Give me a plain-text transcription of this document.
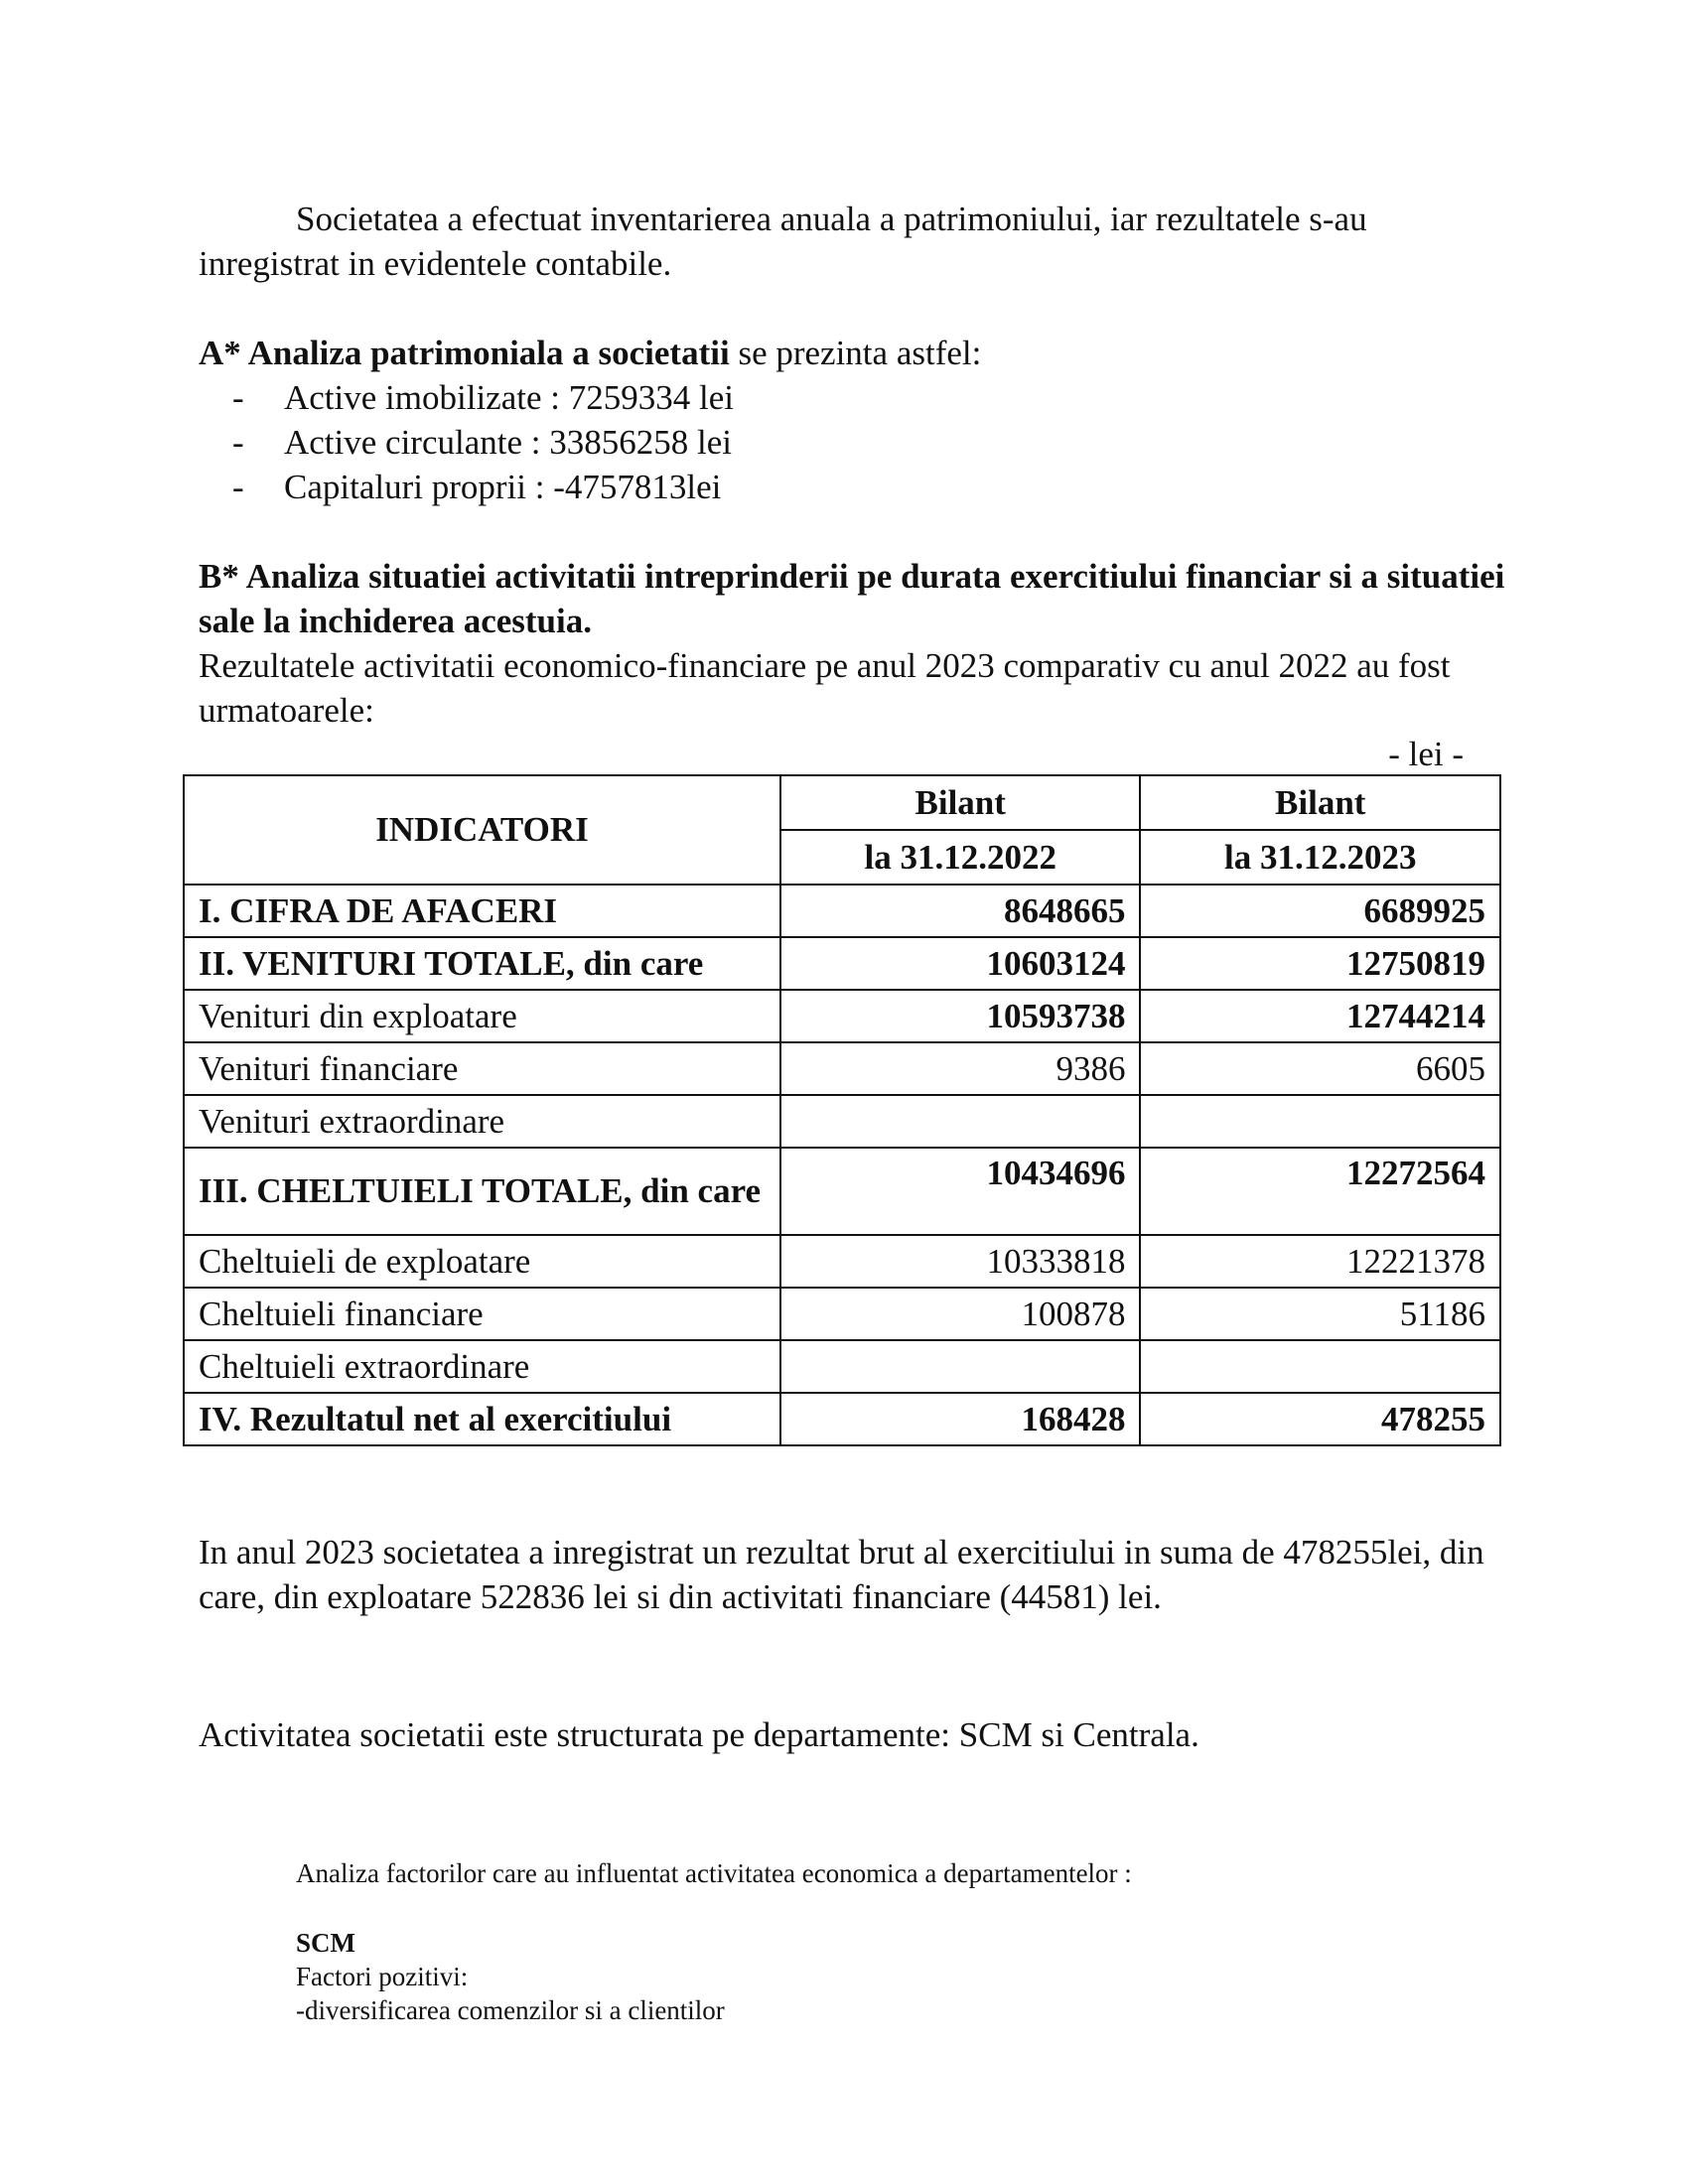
Societatea a efectuat inventarierea anuala a patrimoniului, iar rezultatele s-au inregistrat in evidentele contabile.

A* Analiza patrimoniala a societatii se prezinta astfel:

- Active imobilizate : 7259334 lei
- Active circulante : 33856258 lei
- Capitaluri proprii : -4757813lei

B* Analiza situatiei activitatii intreprinderii pe durata exercitiului financiar si a situatiei sale la inchiderea acestuia.

Rezultatele activitatii economico-financiare pe anul 2023 comparativ cu anul 2022 au fost urmatoarele:

- lei -
INDICATORI	Bilant	Bilant
	la 31.12.2022	la 31.12.2023
I. CIFRA DE AFACERI	8648665	6689925
II. VENITURI TOTALE, din care	10603124	12750819
Venituri din exploatare	10593738	12744214
Venituri financiare	9386	6605
Venituri extraordinare		
III. CHELTUIELI TOTALE, din care	10434696	12272564
Cheltuieli de exploatare	10333818	12221378
Cheltuieli financiare	100878	51186
Cheltuieli extraordinare		
IV. Rezultatul net al exercitiului	168428	478255

In anul 2023 societatea a inregistrat un rezultat brut al exercitiului in suma de 478255lei, din care, din exploatare 522836 lei si din activitati financiare (44581) lei.

Activitatea societatii este structurata pe departamente: SCM si Centrala.

Analiza factorilor care au influentat activitatea economica a departamentelor :

SCM
Factori pozitivi:
-diversificarea comenzilor si a clientilor
